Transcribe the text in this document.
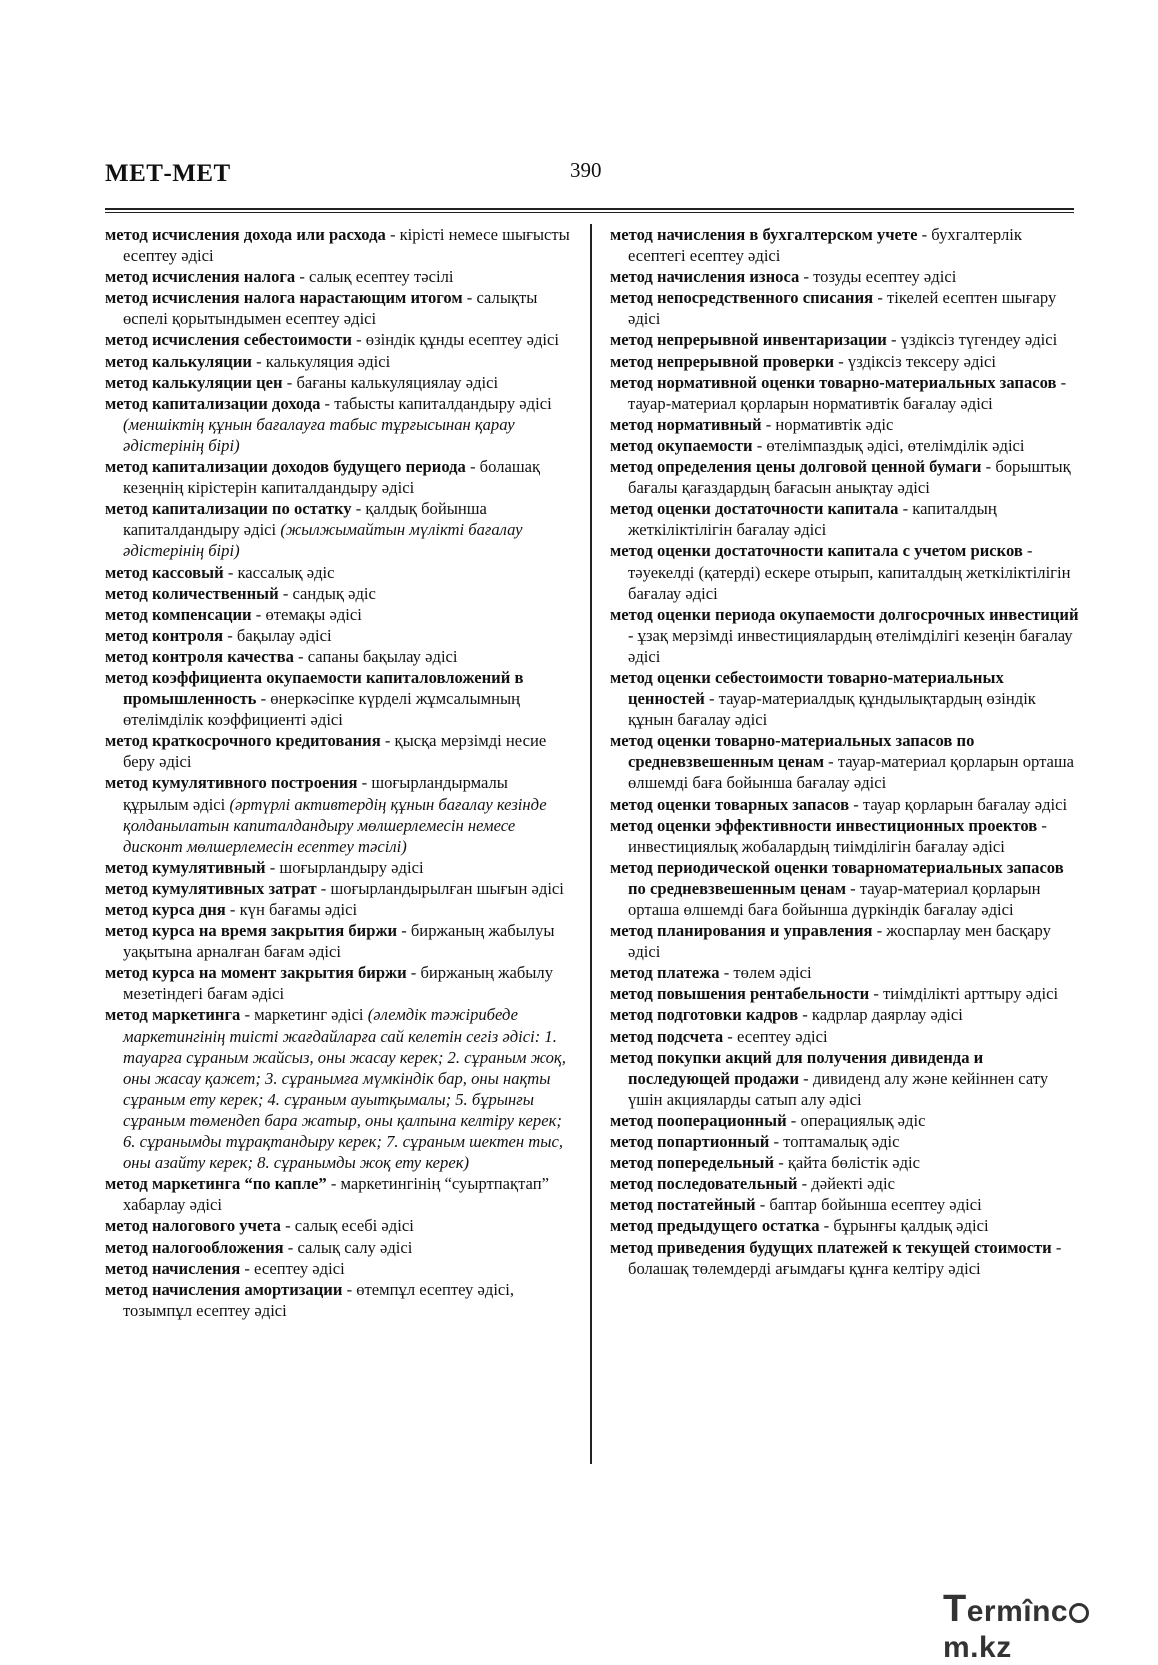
МЕТ-МЕТ	390

метод исчисления дохода или расхода - кірісті немесе шығысты есептеу әдісі

метод исчисления налога - салық есептеу тәсілі

метод исчисления налога нарастающим итогом - салықты өспелі қорытындымен есептеу әдісі

метод исчисления себестоимости - өзіндік құнды есептеу әдісі

метод калькуляции - калькуляция әдісі

метод калькуляции цен - бағаны калькуляциялау әдісі

метод капитализации дохода - табысты капиталдандыру әдісі (меншіктің құнын бағалауға табыс тұрғысынан қарау әдістерінің бірі)

метод капитализации доходов будущего периода - болашақ кезеңнің кірістерін капиталдандыру әдісі

метод капитализации по остатку - қалдық бойынша капиталдандыру әдісі (жылжымайтын мүлікті бағалау әдістерінің бірі)

метод кассовый - кассалық әдіс

метод количественный - сандық әдіс

метод компенсации - өтемақы әдісі

метод контроля - бақылау әдісі

метод контроля качества - сапаны бақылау әдісі

метод коэффициента окупаемости капиталовложений в промышленность - өнеркәсіпке күрделі жұмсалымның өтелімділік коэффициенті әдісі

метод краткосрочного кредитования - қысқа мерзімді несие беру әдісі

метод кумулятивного построения - шоғырландырмалы құрылым әдісі (әртүрлі активтердің құнын бағалау кезінде қолданылатын капиталдандыру мөлшерлемесін немесе дисконт мөлшерлемесін есептеу тәсілі)

метод кумулятивный - шоғырландыру әдісі

метод кумулятивных затрат - шоғырландырылған шығын әдісі

метод курса дня - күн бағамы әдісі

метод курса на время закрытия биржи - биржаның жабылуы уақытына арналған бағам әдісі

метод курса на момент закрытия биржи - биржаның жабылу мезетіндегі бағам әдісі

метод маркетинга - маркетинг әдісі (әлемдік тәжірибеде маркетингінің тиісті жағдайларға сай келетін сегіз әдісі: 1. тауарға сұраным жайсыз, оны жасау керек; 2. сұраным жоқ, оны жасау қажет; 3. сұранымға мүмкіндік бар, оны нақты сұраным ету керек; 4. сұраным ауытқымалы; 5. бұрынғы сұраным төмендеп бара жатыр, оны қалпына келтіру керек; 6. сұранымды тұрақтандыру керек; 7. сұраным шектен тыс, оны азайту керек; 8. сұранымды жоқ ету керек)

метод маркетинга “по капле” - маркетингінің “суыртпақтап” хабарлау әдісі

метод налогового учета - салық есебі әдісі

метод налогообложения - салық салу әдісі

метод начисления - есептеу әдісі

метод начисления амортизации - өтемпұл есептеу әдісі, тозымпұл есептеу әдісі

метод начисления в бухгалтерском учете - бухгалтерлік есептегі есептеу әдісі

метод начисления износа - тозуды есептеу әдісі

метод непосредственного списания - тікелей есептен шығару әдісі

метод непрерывной инвентаризации - үздіксіз түгендеу әдісі

метод непрерывной проверки - үздіксіз тексеру әдісі

метод нормативной оценки товарно-материальных запасов - тауар-материал қорларын нормативтік бағалау әдісі

метод нормативный - нормативтік әдіс

метод окупаемости - өтелімпаздық әдісі, өтелімділік әдісі

метод определения цены долговой ценной бумаги - борыштық бағалы қағаздардың бағасын анықтау әдісі

метод оценки достаточности капитала - капиталдың жеткіліктілігін бағалау әдісі

метод оценки достаточности капитала с учетом рисков - тәуекелді (қатерді) ескере отырып, капиталдың жеткіліктілігін бағалау әдісі

метод оценки периода окупаемости долгосрочных инвестиций - ұзақ мерзімді инвестициялардың өтелімділігі кезеңін бағалау әдісі

метод оценки себестоимости товарно-материальных ценностей - тауар-материалдық құндылықтардың өзіндік құнын бағалау әдісі

метод оценки товарно-материальных запасов по средневзвешенным ценам - тауар-материал қорларын орташа өлшемді баға бойынша бағалау әдісі

метод оценки товарных запасов - тауар қорларын бағалау әдісі

метод оценки эффективности инвестиционных проектов - инвестициялық жобалардың тиімділігін бағалау әдісі

метод периодической оценки товарноматериальных запасов по средневзвешенным ценам - тауар-материал қорларын орташа өлшемді баға бойынша дүркіндік бағалау әдісі

метод планирования и управления - жоспарлау мен басқару әдісі

метод платежа - төлем әдісі

метод повышения рентабельности - тиімділікті арттыру әдісі

метод подготовки кадров - кадрлар даярлау әдісі

метод подсчета - есептеу әдісі

метод покупки акций для получения дивиденда и последующей продажи - дивиденд алу және кейіннен сату үшін акцияларды сатып алу әдісі

метод пооперационный - операциялық әдіс

метод попартионный - топтамалық әдіс

метод попередельный - қайта бөлістік әдіс

метод последовательный - дәйекті әдіс

метод постатейный - баптар бойынша есептеу әдісі

метод предыдущего остатка - бұрынғы қалдық әдісі

метод приведения будущих платежей к текущей стоимости - болашақ төлемдерді ағымдағы құнға келтіру әдісі

Termîncm.kz
